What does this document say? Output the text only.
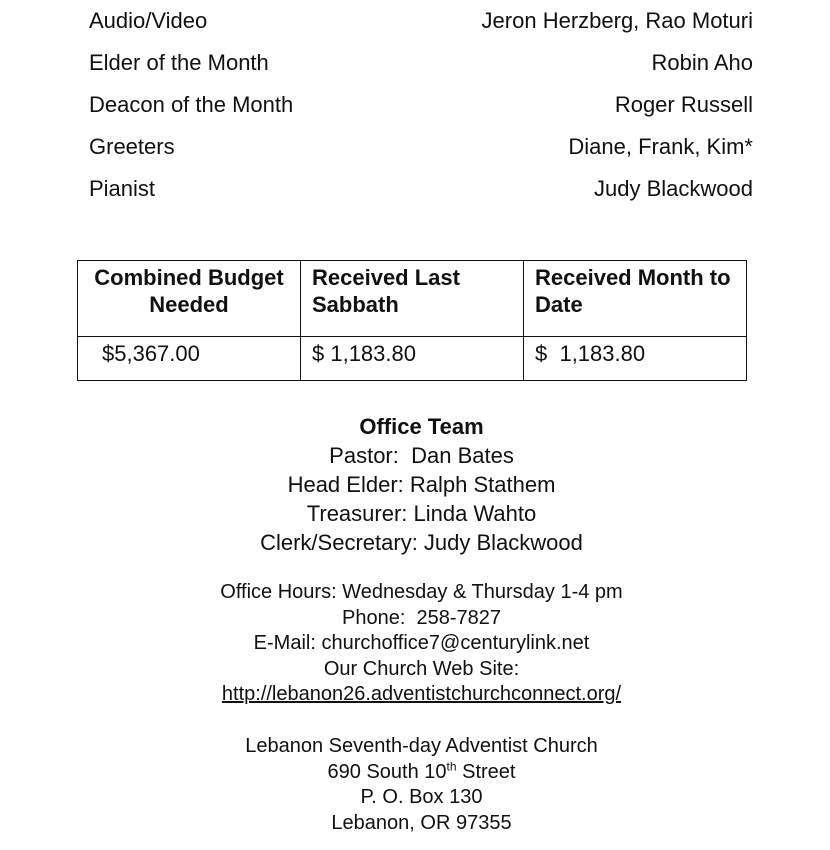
Audio/Video	Jeron Herzberg, Rao Moturi
Elder of the Month	Robin Aho
Deacon of the Month	Roger Russell
Greeters	Diane, Frank, Kim*
Pianist	Judy Blackwood
Combined Budget Needed	Received Last Sabbath	Received Month to Date
$5,367.00	$ 1,183.80	$  1,183.80
Office Team
Pastor:  Dan Bates
Head Elder: Ralph Stathem
Treasurer: Linda Wahto
Clerk/Secretary: Judy Blackwood
Office Hours: Wednesday & Thursday 1-4 pm
Phone:  258-7827
E-Mail: churchoffice7@centurylink.net
Our Church Web Site:
http://lebanon26.adventistchurchconnect.org/
Lebanon Seventh-day Adventist Church
690 South 10th Street
P. O. Box 130
Lebanon, OR 97355
